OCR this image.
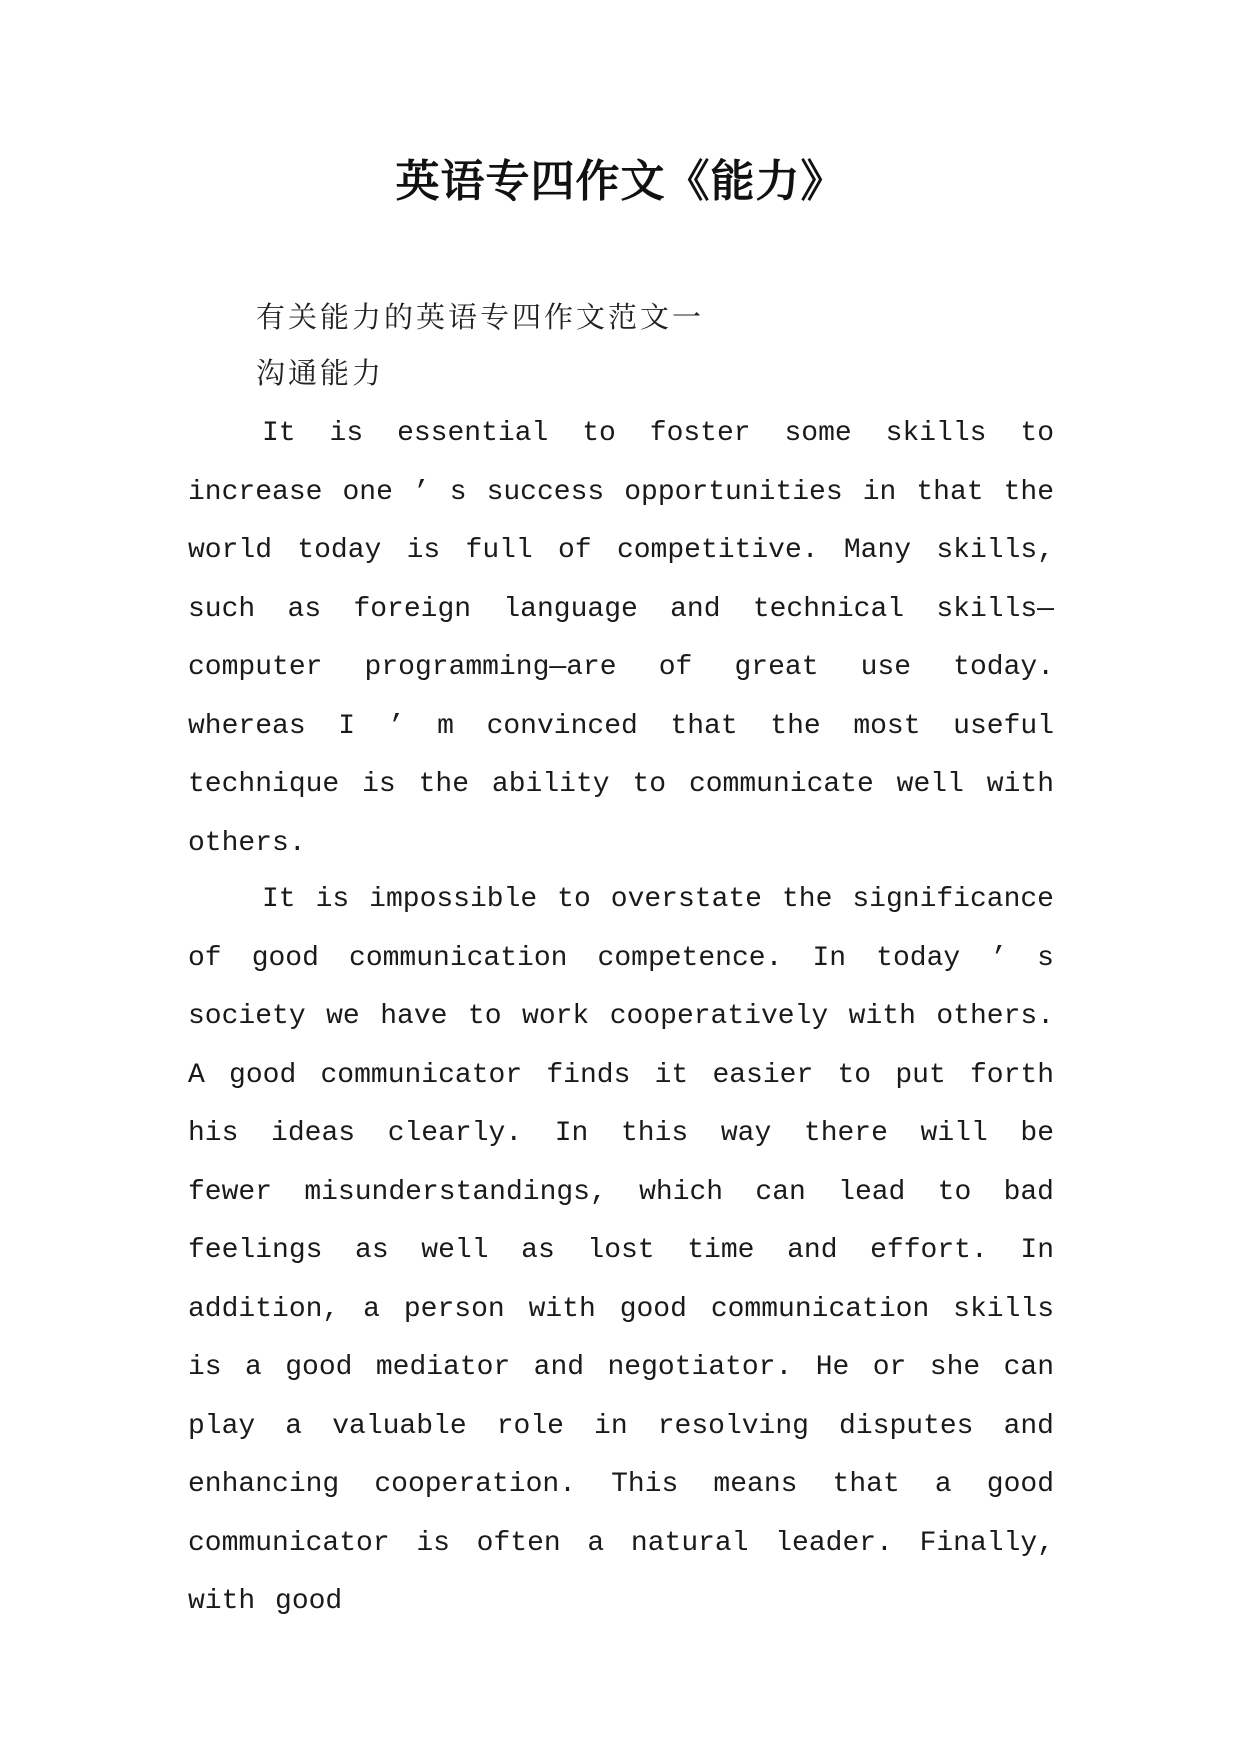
英语专四作文《能力》
有关能力的英语专四作文范文一
沟通能力

It is essential to foster some skills to increase one ’ s success opportunities in that the world today is full of competitive. Many skills, such as foreign language and technical skills—computer programming—are of great use today. whereas I ’ m convinced that the most useful technique is the ability to communicate well with others.

It is impossible to overstate the significance of good communication competence. In today ’ s society we have to work cooperatively with others. A good communicator finds it easier to put forth his ideas clearly. In this way there will be fewer misunderstandings, which can lead to bad feelings as well as lost time and effort. In addition, a person with good communication skills is a good mediator and negotiator. He or she can play a valuable role in resolving disputes and enhancing cooperation. This means that a good communicator is often a natural leader. Finally, with good
